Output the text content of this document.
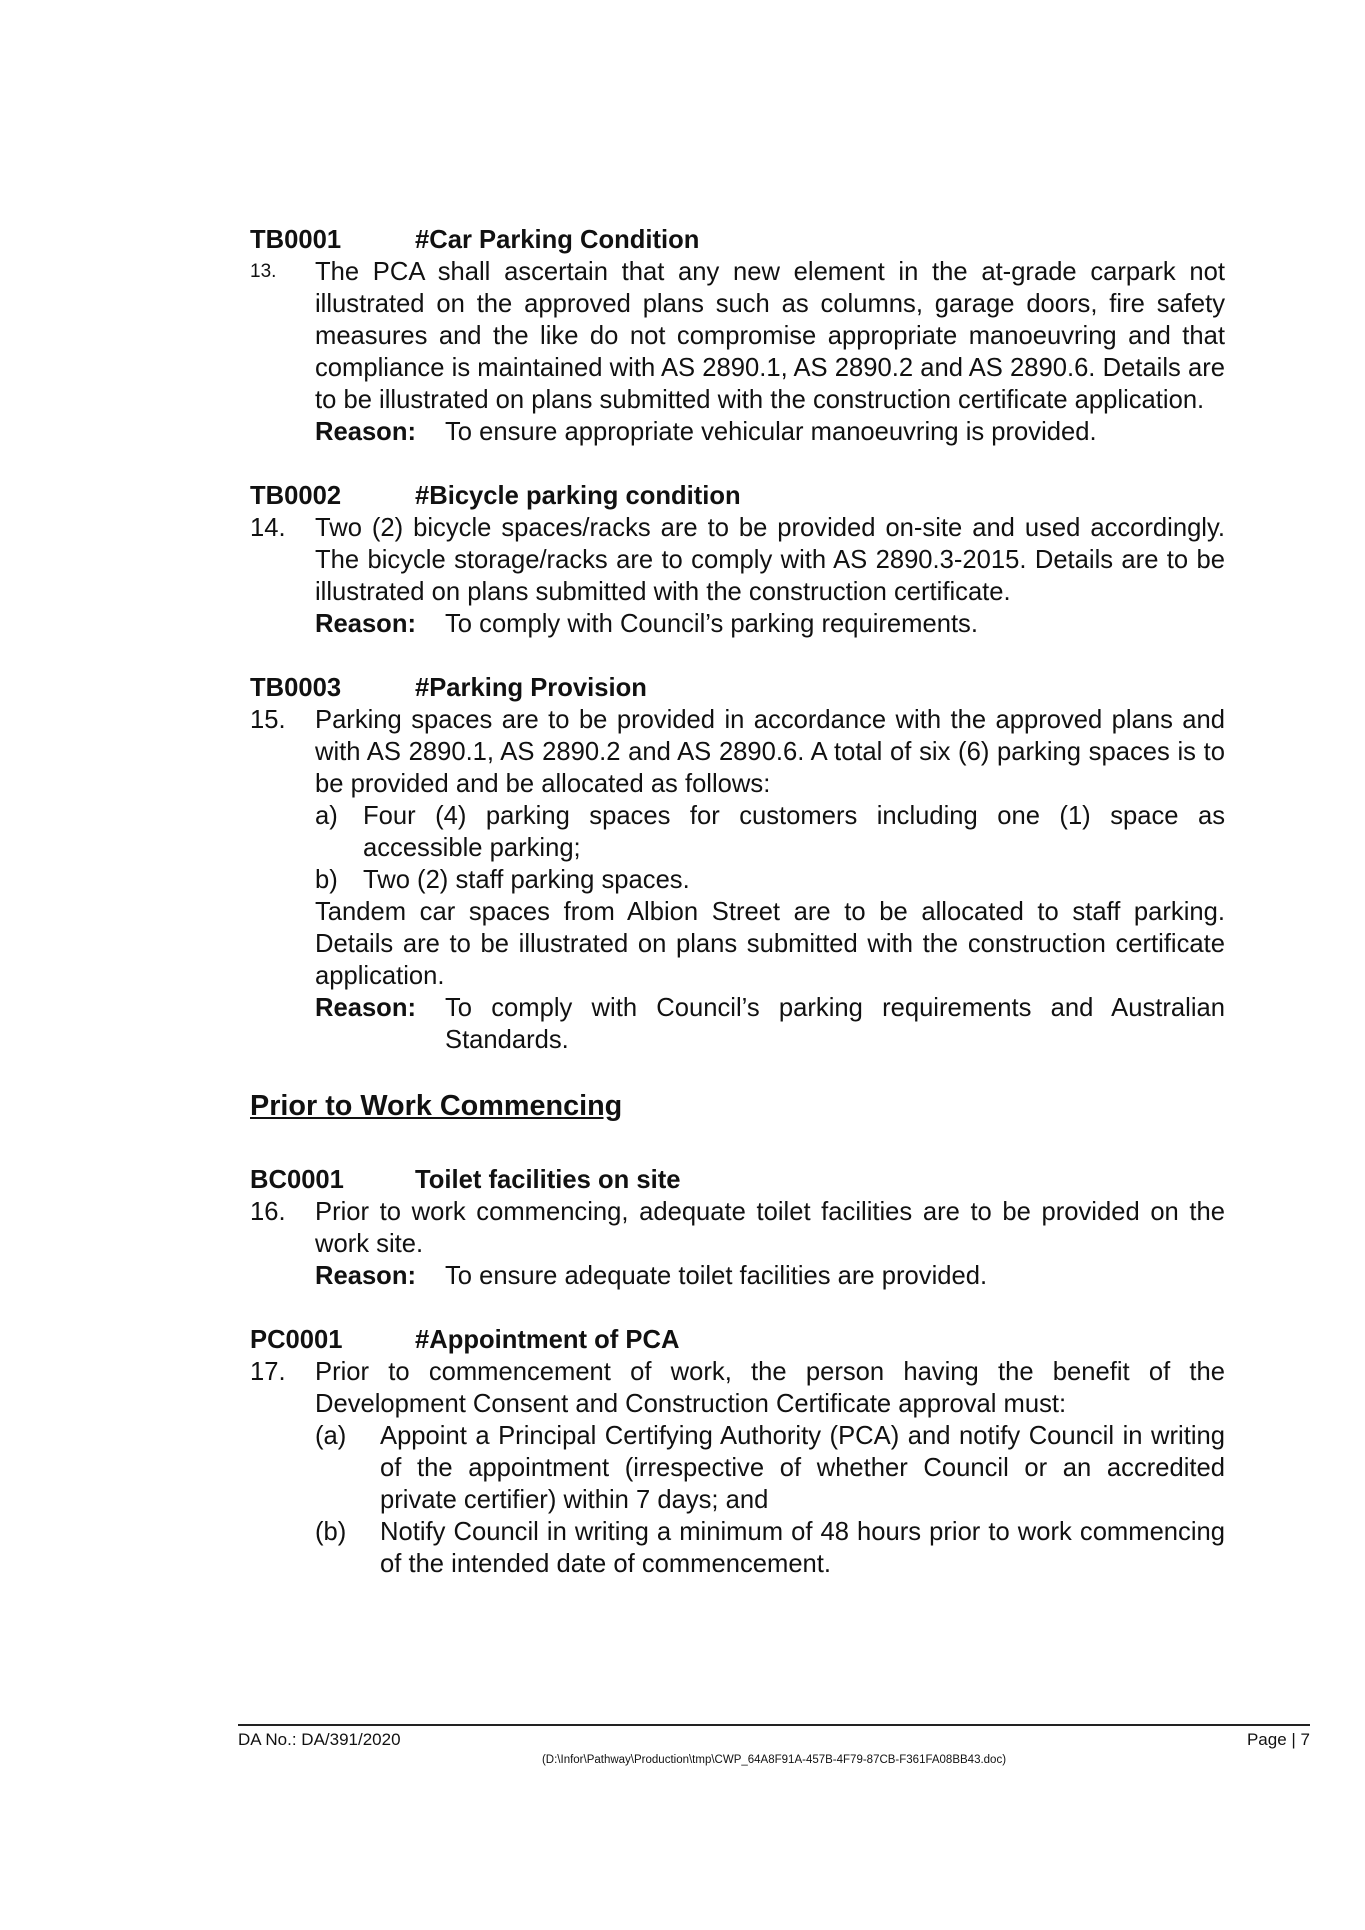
TB0001	#Car Parking Condition
13.	The PCA shall ascertain that any new element in the at-grade carpark not illustrated on the approved plans such as columns, garage doors, fire safety measures and the like do not compromise appropriate manoeuvring and that compliance is maintained with AS 2890.1, AS 2890.2 and AS 2890.6. Details are to be illustrated on plans submitted with the construction certificate application.
Reason:	To ensure appropriate vehicular manoeuvring is provided.
TB0002	#Bicycle parking condition
14.	Two (2) bicycle spaces/racks are to be provided on-site and used accordingly. The bicycle storage/racks are to comply with AS 2890.3-2015. Details are to be illustrated on plans submitted with the construction certificate.
Reason:	To comply with Council’s parking requirements.
TB0003	#Parking Provision
15.	Parking spaces are to be provided in accordance with the approved plans and with AS 2890.1, AS 2890.2 and AS 2890.6. A total of six (6) parking spaces is to be provided and be allocated as follows:
a) Four (4) parking spaces for customers including one (1) space as accessible parking;
b) Two (2) staff parking spaces.
Tandem car spaces from Albion Street are to be allocated to staff parking. Details are to be illustrated on plans submitted with the construction certificate application.
Reason:	To comply with Council’s parking requirements and Australian Standards.
Prior to Work Commencing
BC0001	Toilet facilities on site
16.	Prior to work commencing, adequate toilet facilities are to be provided on the work site.
Reason:	To ensure adequate toilet facilities are provided.
PC0001	#Appointment of PCA
17.	Prior to commencement of work, the person having the benefit of the Development Consent and Construction Certificate approval must:
(a)	Appoint a Principal Certifying Authority (PCA) and notify Council in writing of the appointment (irrespective of whether Council or an accredited private certifier) within 7 days; and
(b)	Notify Council in writing a minimum of 48 hours prior to work commencing of the intended date of commencement.
DA No.: DA/391/2020	Page | 7
(D:\Infor\Pathway\Production\tmp\CWP_64A8F91A-457B-4F79-87CB-F361FA08BB43.doc)
